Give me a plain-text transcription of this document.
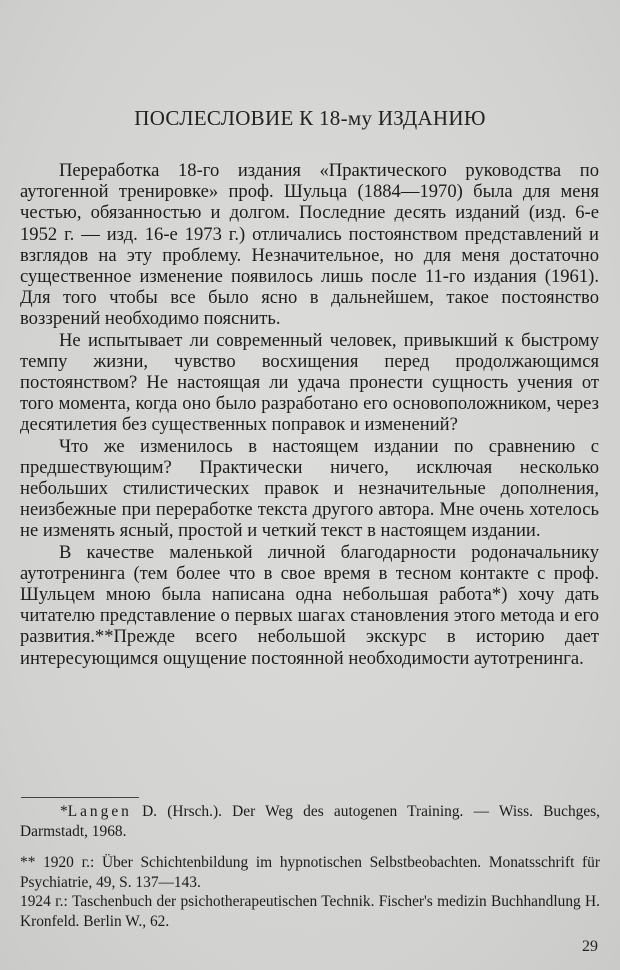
ПОСЛЕСЛОВИЕ К 18-му ИЗДАНИЮ

Переработка 18-го издания «Практического руководства по аутогенной тренировке» проф. Шульца (1884—1970) была для меня честью, обязанностью и долгом. Последние десять изданий (изд. 6-е 1952 г. — изд. 16-е 1973 г.) отличались постоянством представлений и взглядов на эту проблему. Незначительное, но для меня достаточно существенное изменение появилось лишь после 11-го издания (1961). Для того чтобы все было ясно в дальнейшем, такое постоянство воззрений необходимо пояснить.

Не испытывает ли современный человек, привыкший к быстрому темпу жизни, чувство восхищения перед продолжающимся постоянством? Не настоящая ли удача пронести сущность учения от того момента, когда оно было разработано его основоположником, через десятилетия без существенных поправок и изменений?

Что же изменилось в настоящем издании по сравнению с предшествующим? Практически ничего, исключая несколько небольших стилистических правок и незначительные дополнения, неизбежные при переработке текста другого автора. Мне очень хотелось не изменять ясный, простой и четкий текст в настоящем издании.

В качестве маленькой личной благодарности родоначальнику аутотренинга (тем более что в свое время в тесном контакте с проф. Шульцем мною была написана одна небольшая работа*) хочу дать читателю представление о первых шагах становления этого метода и его развития.**Прежде всего небольшой экскурс в историю дает интересующимся ощущение постоянной необходимости аутотренинга.

*Langen D. (Hrsch.). Der Weg des autogenen Training. — Wiss. Buchges, Darmstadt, 1968.

** 1920 г.: Über Schichtenbildung im hypnotischen Selbstbeobachten. Monatsschrift für Psychiatrie, 49, S. 137—143.

1924 г.: Taschenbuch der psichotherapeutischen Technik. Fischer's medizin Buchhandlung H. Kronfeld. Berlin W., 62.

29
